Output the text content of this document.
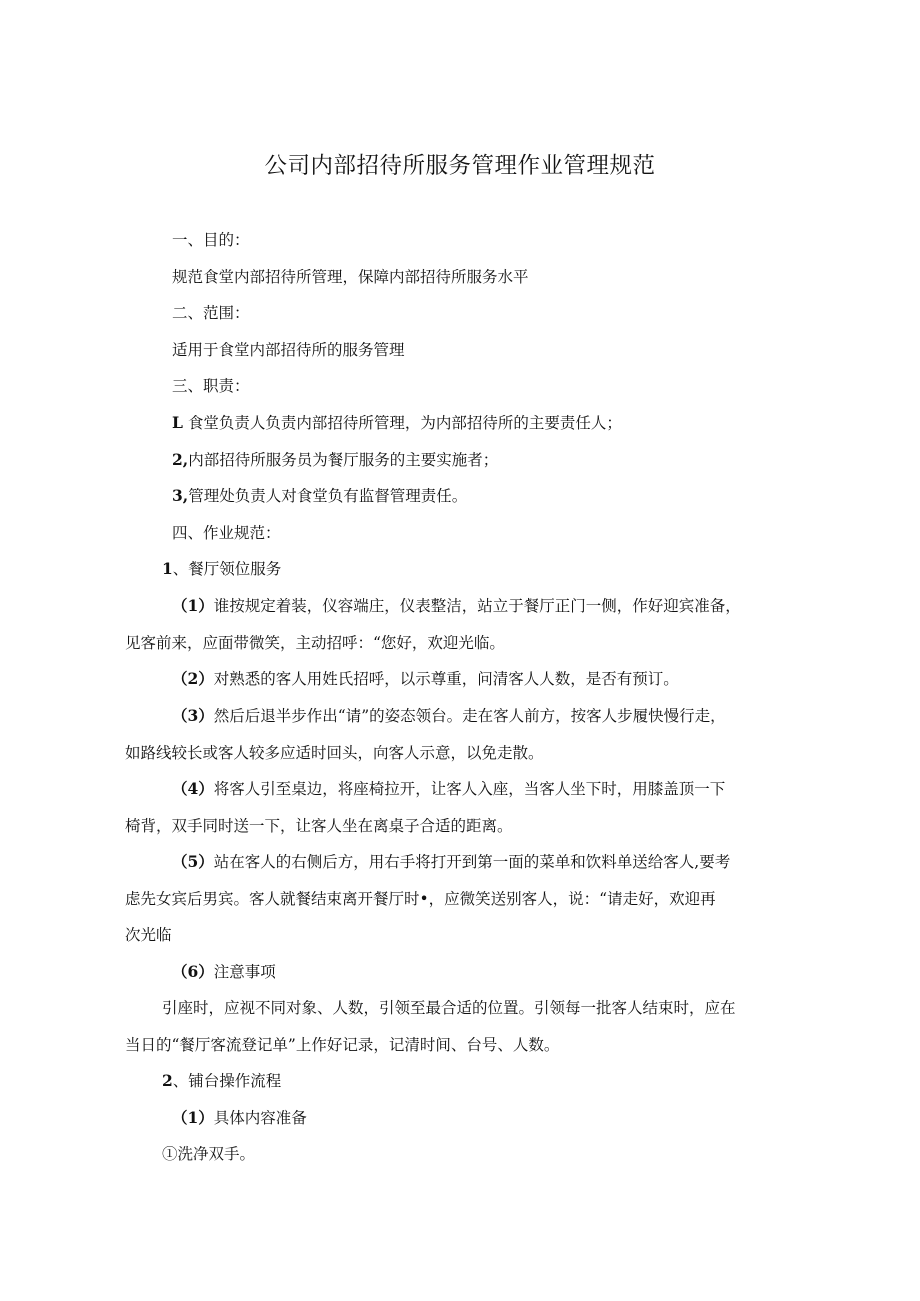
公司内部招待所服务管理作业管理规范
一、目的：
规范食堂内部招待所管理，保障内部招待所服务水平
二、范围：
适用于食堂内部招待所的服务管理
三、职责：
L 食堂负责人负责内部招待所管理，为内部招待所的主要责任人；
2,内部招待所服务员为餐厅服务的主要实施者；
3,管理处负责人对食堂负有监督管理责任。
四、作业规范：
1、餐厅领位服务
（1）谁按规定着装，仪容端庄，仪表整洁，站立于餐厅正门一侧，作好迎宾准备，
见客前来，应面带微笑，主动招呼：“您好，欢迎光临。
（2）对熟悉的客人用姓氏招呼，以示尊重，问清客人人数，是否有预订。
（3）然后后退半步作出“请”的姿态领台。走在客人前方，按客人步履快慢行走，
如路线较长或客人较多应适时回头，向客人示意，以免走散。
（4）将客人引至桌边，将座椅拉开，让客人入座，当客人坐下时，用膝盖顶一下
椅背，双手同时送一下，让客人坐在离桌子合适的距离。
（5）站在客人的右侧后方，用右手将打开到第一面的菜单和饮料单送给客人,要考
虑先女宾后男宾。客人就餐结束离开餐厅时•，应微笑送别客人，说：“请走好，欢迎再
次光临
（6）注意事项
引座时，应视不同对象、人数，引领至最合适的位置。引领每一批客人结束时，应在
当日的“餐厅客流登记单”上作好记录，记清时间、台号、人数。
2、铺台操作流程
（1）具体内容准备
①洗净双手。
